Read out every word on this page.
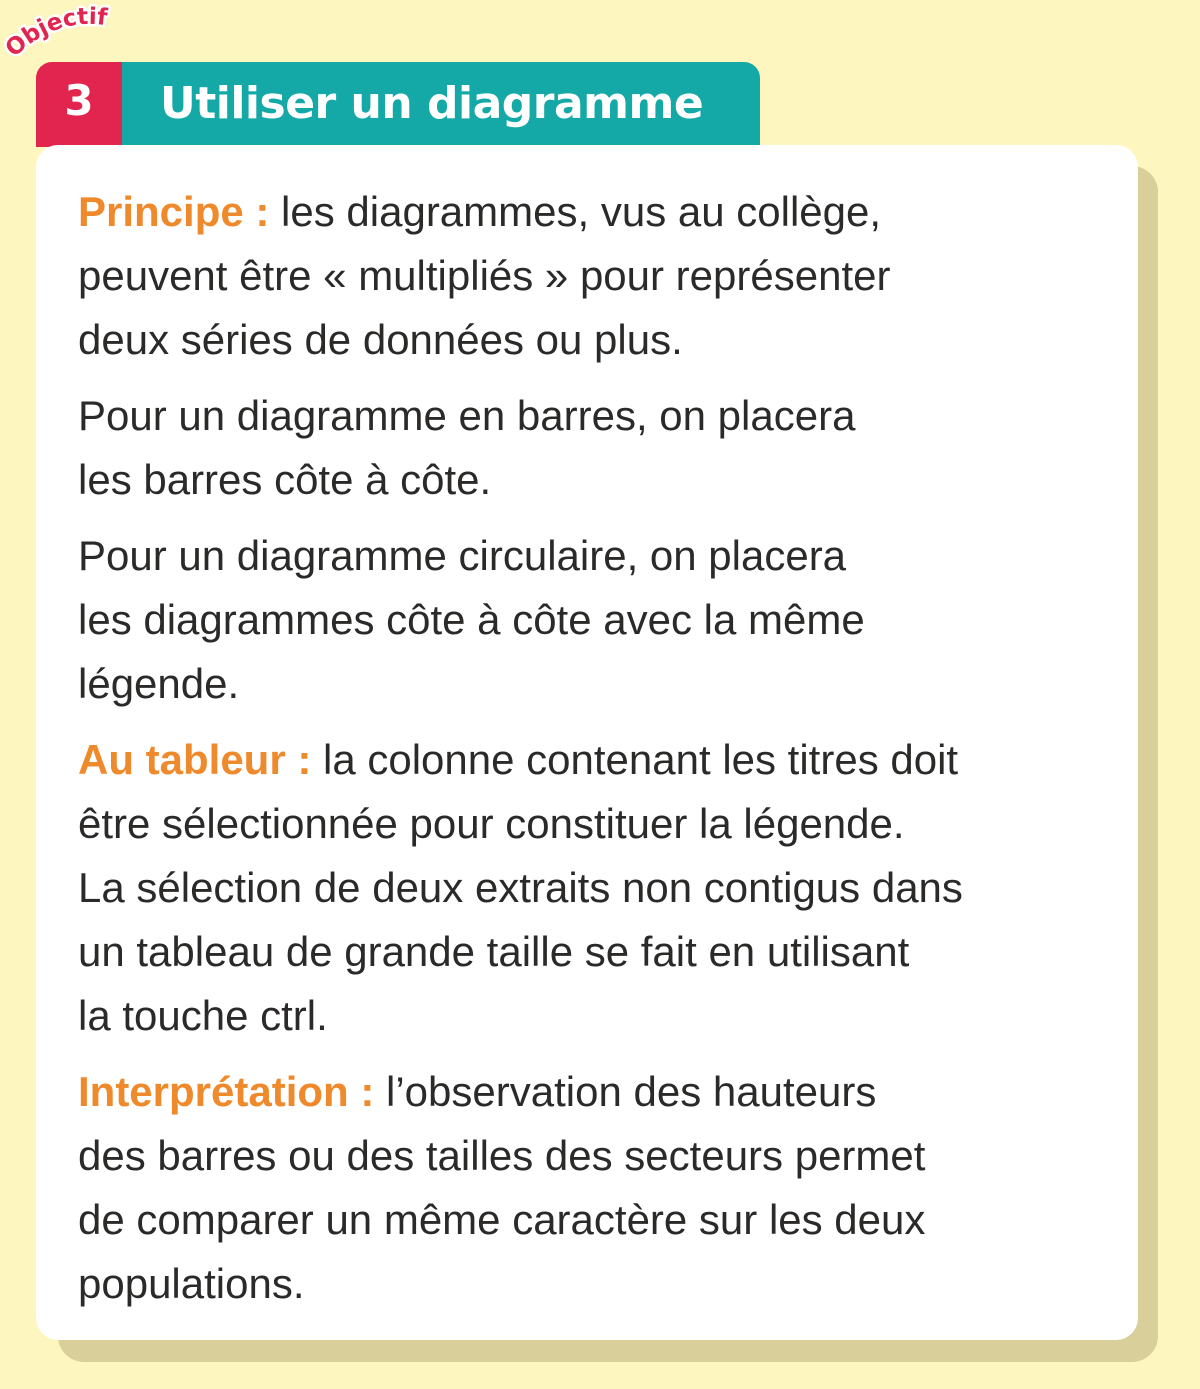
Utiliser un diagramme
3
Objectif

Principe : les diagrammes, vus au collège,
peuvent être « multipliés » pour représenter
deux séries de données ou plus.

Pour un diagramme en barres, on placera
les barres côte à côte.

Pour un diagramme circulaire, on placera
les diagrammes côte à côte avec la même
légende.

Au tableur : la colonne contenant les titres doit
être sélectionnée pour constituer la légende.
La sélection de deux extraits non contigus dans
un tableau de grande taille se fait en utilisant
la touche ctrl.

Interprétation : l’observation des hauteurs
des barres ou des tailles des secteurs permet
de comparer un même caractère sur les deux
populations.
